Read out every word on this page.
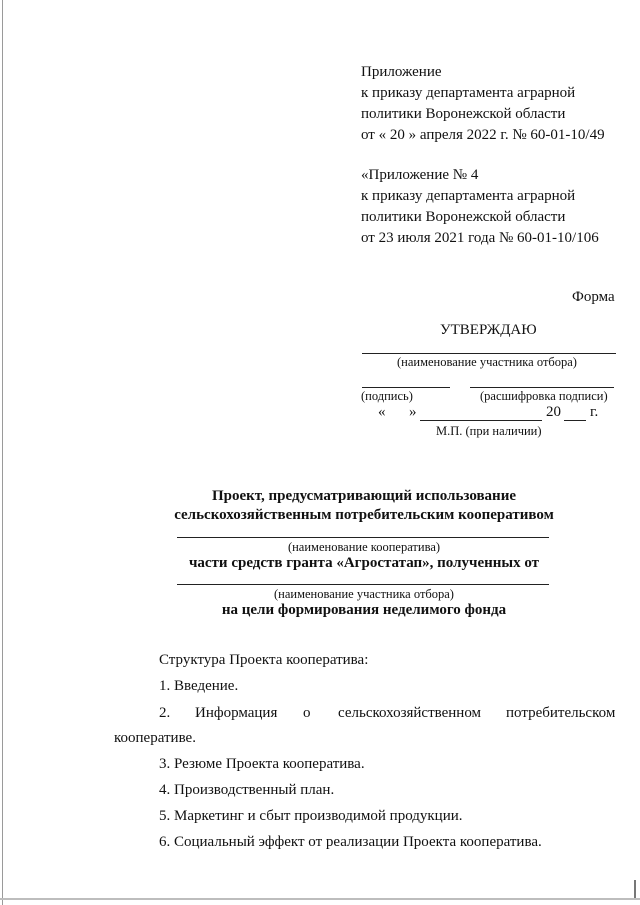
Приложение
к приказу департамента аграрной
политики Воронежской области
от « 20 » апреля 2022 г. № 60-01-10/49
«Приложение № 4
к приказу департамента аграрной
политики Воронежской области
от 23 июля 2021 года № 60-01-10/106
Форма
УТВЕРЖДАЮ
(наименование участника отбора)
(подпись)	(расшифровка подписи)
« »	20 г.
М.П. (при наличии)
Проект, предусматривающий использование
сельскохозяйственным потребительским кооперативом
(наименование кооператива)
части средств гранта «Агростатап», полученных от
(наименование участника отбора)
на цели формирования неделимого фонда
Структура Проекта кооператива:
1. Введение.
2. Информация о сельскохозяйственном потребительском
кооперативе.
3. Резюме Проекта кооператива.
4. Производственный план.
5. Маркетинг и сбыт производимой продукции.
6. Социальный эффект от реализации Проекта кооператива.
